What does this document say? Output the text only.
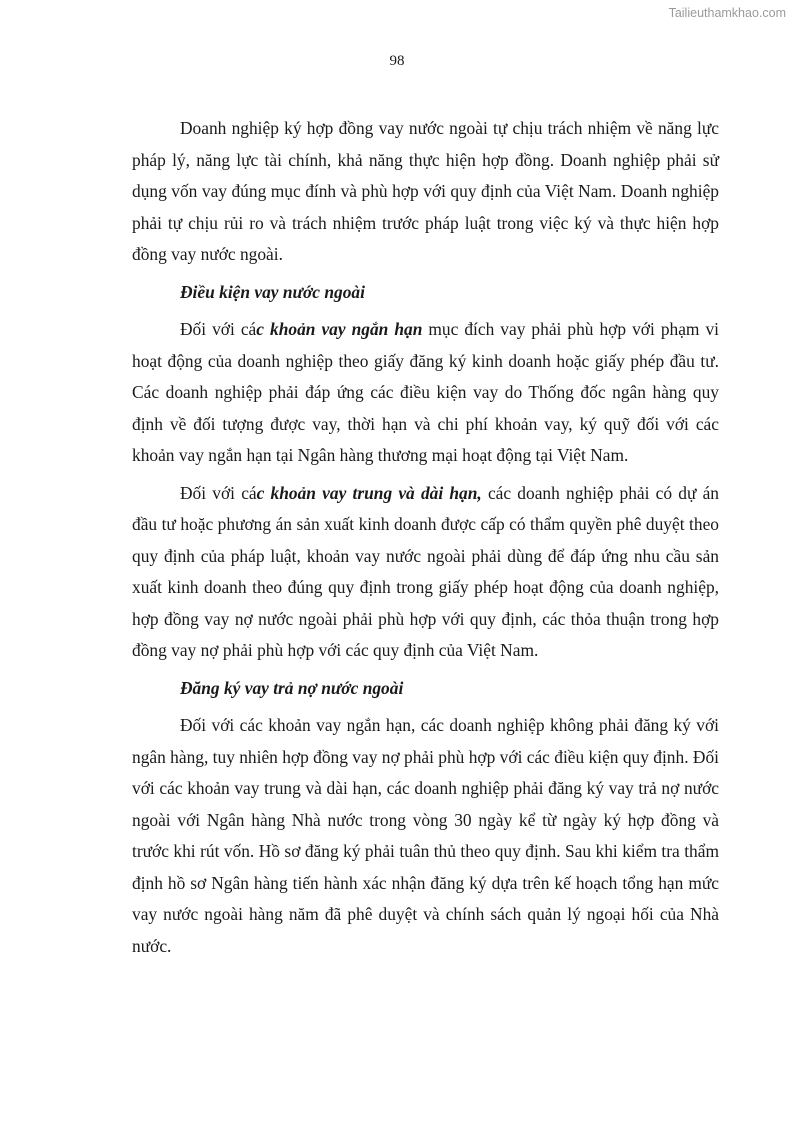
Tailieuthamkhao.com
98

Doanh nghiệp ký hợp đồng vay nước ngoài tự chịu trách nhiệm về năng lực pháp lý, năng lực tài chính, khả năng thực hiện hợp đồng. Doanh nghiệp phải sử dụng vốn vay đúng mục đính và phù hợp với quy định của Việt Nam. Doanh nghiệp phải tự chịu rủi ro và trách nhiệm trước pháp luật trong việc ký và thực hiện hợp đồng vay nước ngoài.

Điều kiện vay nước ngoài

Đối với các khoản vay ngắn hạn mục đích vay phải phù hợp với phạm vi hoạt động của doanh nghiệp theo giấy đăng ký kinh doanh hoặc giấy phép đầu tư. Các doanh nghiệp phải đáp ứng các điều kiện vay do Thống đốc ngân hàng quy định về đối tượng được vay, thời hạn và chi phí khoản vay, ký quỹ đối với các khoản vay ngắn hạn tại Ngân hàng thương mại hoạt động tại Việt Nam.

Đối với các khoản vay trung và dài hạn, các doanh nghiệp phải có dự án đầu tư hoặc phương án sản xuất kinh doanh được cấp có thẩm quyền phê duyệt theo quy định của pháp luật, khoản vay nước ngoài phải dùng để đáp ứng nhu cầu sản xuất kinh doanh theo đúng quy định trong giấy phép hoạt động của doanh nghiệp, hợp đồng vay nợ nước ngoài phải phù hợp với quy định, các thỏa thuận trong hợp đồng vay nợ phải phù hợp với các quy định của Việt Nam.

Đăng ký vay trả nợ nước ngoài

Đối với các khoản vay ngắn hạn, các doanh nghiệp không phải đăng ký với ngân hàng, tuy nhiên hợp đồng vay nợ phải phù hợp với các điều kiện quy định. Đối với các khoản vay trung và dài hạn, các doanh nghiệp phải đăng ký vay trả nợ nước ngoài với Ngân hàng Nhà nước trong vòng 30 ngày kể từ ngày ký hợp đồng và trước khi rút vốn. Hồ sơ đăng ký phải tuân thủ theo quy định. Sau khi kiểm tra thẩm định hồ sơ Ngân hàng tiến hành xác nhận đăng ký dựa trên kế hoạch tổng hạn mức vay nước ngoài hàng năm đã phê duyệt và chính sách quản lý ngoại hối của Nhà nước.
